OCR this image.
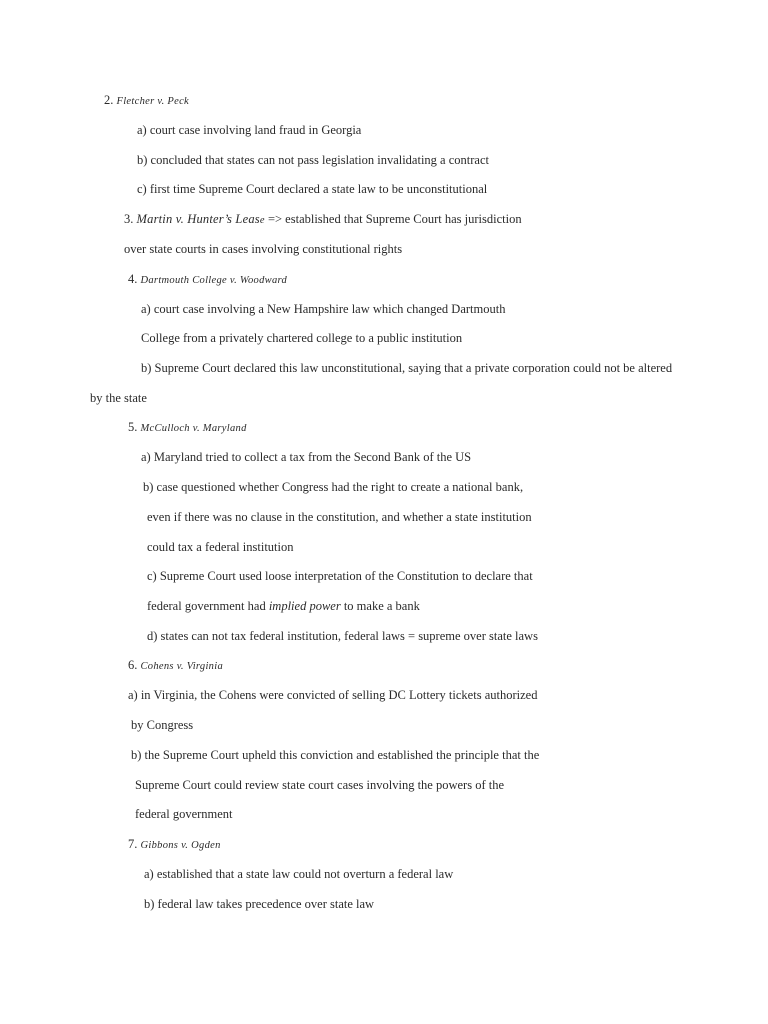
2. Fletcher v. Peck
a) court case involving land fraud in Georgia
b) concluded that states can not pass legislation invalidating a contract
c) first time Supreme Court declared a state law to be unconstitutional
3. Martin v. Hunter’s Lease => established that Supreme Court has jurisdiction
over state courts in cases involving constitutional rights
4. Dartmouth College v. Woodward
a) court case involving a New Hampshire law which changed Dartmouth
College from a privately chartered college to a public institution
b) Supreme Court declared this law unconstitutional, saying that a private corporation could not be altered
by the state
5. McCulloch v. Maryland
a) Maryland tried to collect a tax from the Second Bank of the US
b) case questioned whether Congress had the right to create a national bank,
even if there was no clause in the constitution, and whether a state institution
could tax a federal institution
c) Supreme Court used loose interpretation of the Constitution to declare that
federal government had implied power to make a bank
d) states can not tax federal institution, federal laws = supreme over state laws
6. Cohens v. Virginia
a) in Virginia, the Cohens were convicted of selling DC Lottery tickets authorized
by Congress
b) the Supreme Court upheld this conviction and established the principle that the
Supreme Court could review state court cases involving the powers of the
federal government
7. Gibbons v. Ogden
a) established that a state law could not overturn a federal law
b) federal law takes precedence over state law
